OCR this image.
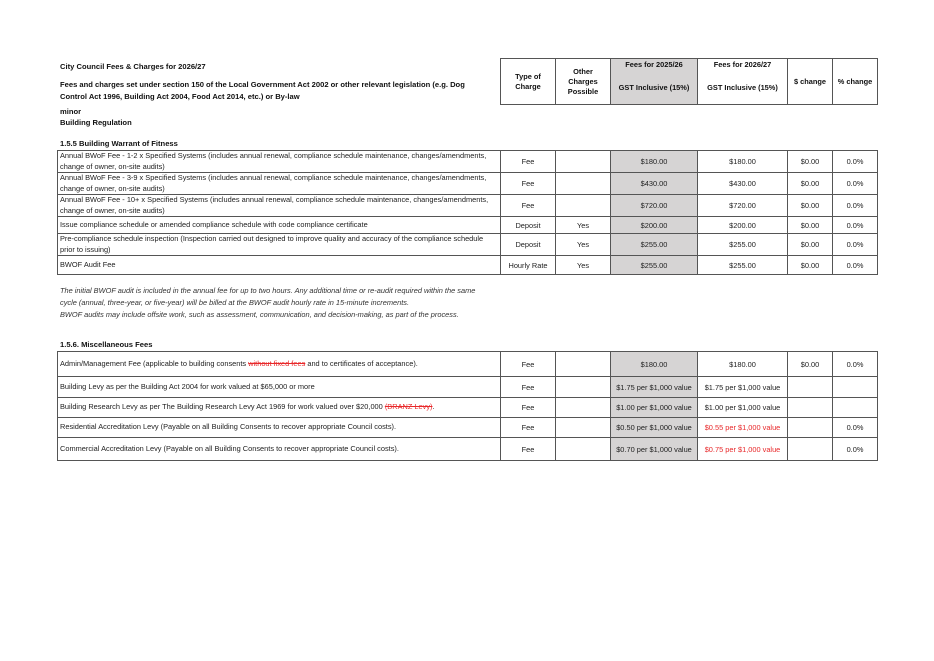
City Council Fees & Charges for 2026/27
Fees and charges set under section 150 of the Local Government Act 2002 or other relevant legislation (e.g. Dog
Control Act 1996, Building Act 2004, Food Act 2014, etc.) or By-law
minor
Building Regulation
Type of Charge	Other Charges Possible	Fees for 2025/26	Fees for 2026/27	$ change	% change
		GST Inclusive (15%)	GST Inclusive (15%)		
1.5.5 Building Warrant of Fitness
Annual BWoF Fee - 1-2 x Specified Systems (includes annual renewal, compliance schedule maintenance, changes/amendments, change of owner, on-site audits)	Fee		$180.00	$180.00	$0.00	0.0%
Annual BWoF Fee - 3-9 x Specified Systems (includes annual renewal, compliance schedule maintenance, changes/amendments, change of owner, on-site audits)	Fee		$430.00	$430.00	$0.00	0.0%
Annual BWoF Fee - 10+ x Specified Systems (includes annual renewal, compliance schedule maintenance, changes/amendments, change of owner, on-site audits)	Fee		$720.00	$720.00	$0.00	0.0%
Issue compliance schedule or amended compliance schedule with code compliance certificate	Deposit	Yes	$200.00	$200.00	$0.00	0.0%
Pre-compliance schedule inspection (Inspection carried out designed to improve quality and accuracy of the compliance schedule prior to issuing)	Deposit	Yes	$255.00	$255.00	$0.00	0.0%
BWOF Audit Fee	Hourly Rate	Yes	$255.00	$255.00	$0.00	0.0%
The initial BWOF audit is included in the annual fee for up to two hours. Any additional time or re-audit required within the same
cycle (annual, three-year, or five-year) will be billed at the BWOF audit hourly rate in 15-minute increments.
BWOF audits may include offsite work, such as assessment, communication, and decision-making, as part of the process.
1.5.6. Miscellaneous Fees
Admin/Management Fee (applicable to building consents without fixed fees and to certificates of acceptance).	Fee		$180.00	$180.00	$0.00	0.0%
Building Levy as per the Building Act 2004 for work valued at $65,000 or more	Fee		$1.75 per $1,000 value	$1.75 per $1,000 value		
Building Research Levy as per The Building Research Levy Act 1969 for work valued over $20,000 (BRANZ Levy).	Fee		$1.00 per $1,000 value	$1.00 per $1,000 value		
Residential Accreditation Levy (Payable on all Building Consents to recover appropriate Council costs).	Fee		$0.50 per $1,000 value	$0.55 per $1,000 value		0.0%
Commercial Accreditation Levy (Payable on all Building Consents to recover appropriate Council costs).	Fee		$0.70 per $1,000 value	$0.75 per $1,000 value		0.0%
